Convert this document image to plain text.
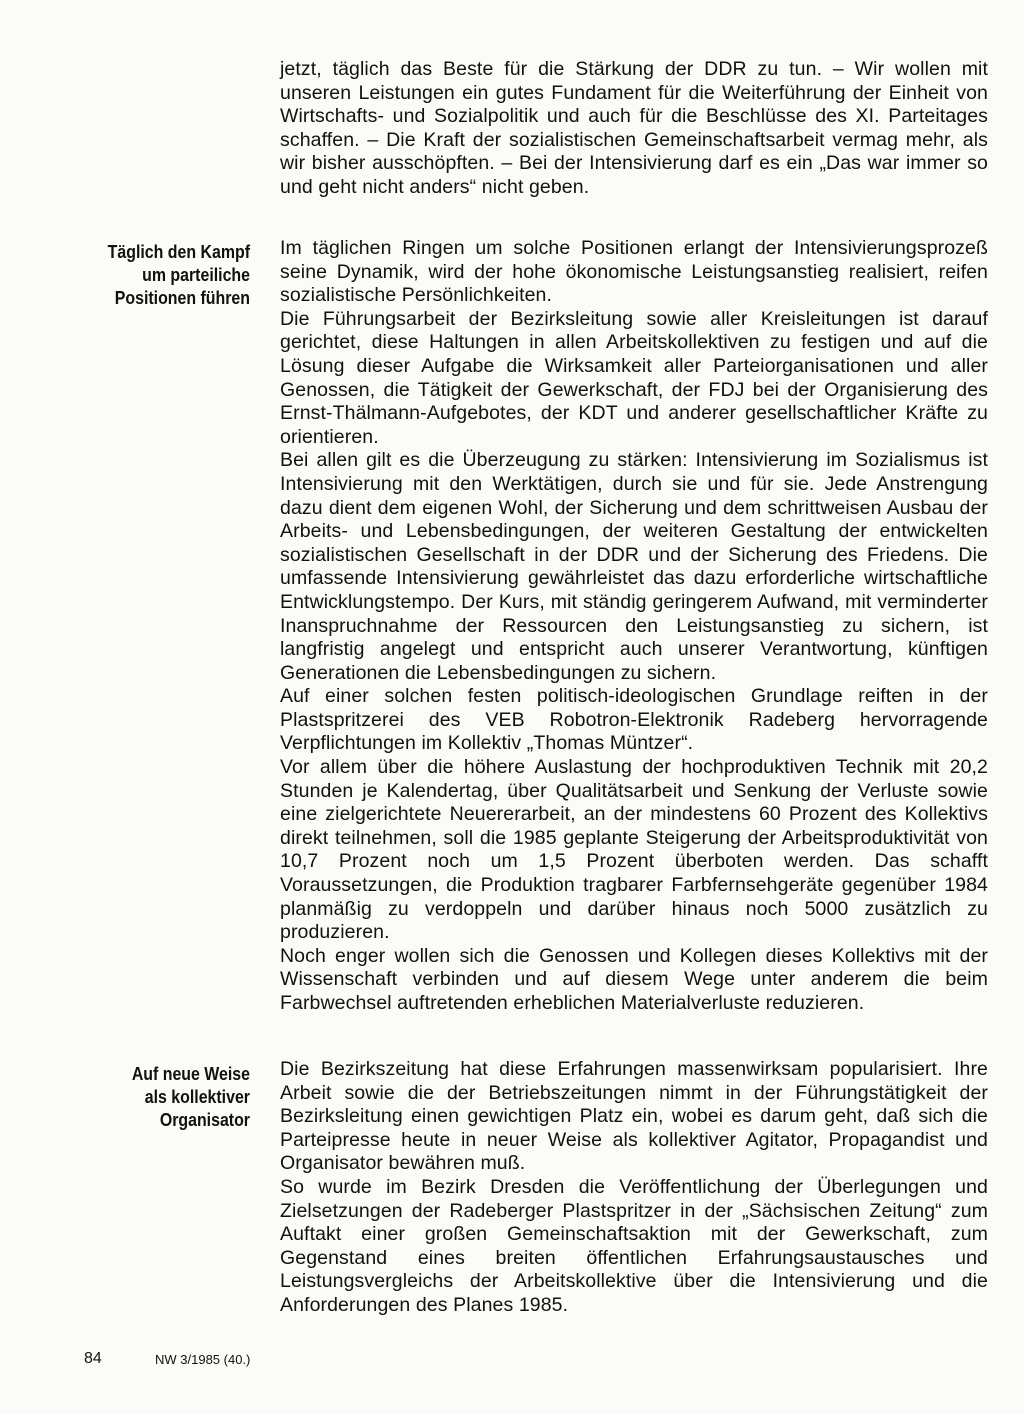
jetzt, täglich das Beste für die Stärkung der DDR zu tun. – Wir wollen mit unseren Leistungen ein gutes Fundament für die Weiterführung der Einheit von Wirtschafts- und Sozialpolitik und auch für die Beschlüsse des XI. Parteitages schaffen. – Die Kraft der sozialistischen Gemeinschaftsarbeit vermag mehr, als wir bisher ausschöpften. – Bei der Intensivierung darf es ein „Das war immer so und geht nicht anders“ nicht geben.

Täglich den Kampf
um parteiliche
Positionen führen

Im täglichen Ringen um solche Positionen erlangt der Intensivierungsprozeß seine Dynamik, wird der hohe ökonomische Leistungsanstieg realisiert, reifen sozialistische Persönlichkeiten.

Die Führungsarbeit der Bezirksleitung sowie aller Kreisleitungen ist darauf gerichtet, diese Haltungen in allen Arbeitskollektiven zu festigen und auf die Lösung dieser Aufgabe die Wirksamkeit aller Parteiorganisationen und aller Genossen, die Tätigkeit der Gewerkschaft, der FDJ bei der Organisierung des Ernst-Thälmann-Aufgebotes, der KDT und anderer gesellschaftlicher Kräfte zu orientieren.

Bei allen gilt es die Überzeugung zu stärken: Intensivierung im Sozialismus ist Intensivierung mit den Werktätigen, durch sie und für sie. Jede Anstrengung dazu dient dem eigenen Wohl, der Sicherung und dem schrittweisen Ausbau der Arbeits- und Lebensbedingungen, der weiteren Gestaltung der entwickelten sozialistischen Gesellschaft in der DDR und der Sicherung des Friedens. Die umfassende Intensivierung gewährleistet das dazu erforderliche wirtschaftliche Entwicklungstempo. Der Kurs, mit ständig geringerem Aufwand, mit verminderter Inanspruchnahme der Ressourcen den Leistungsanstieg zu sichern, ist langfristig angelegt und entspricht auch unserer Verantwortung, künftigen Generationen die Lebensbedingungen zu sichern.

Auf einer solchen festen politisch-ideologischen Grundlage reiften in der Plastspritzerei des VEB Robotron-Elektronik Radeberg hervorragende Verpflichtungen im Kollektiv „Thomas Müntzer“.

Vor allem über die höhere Auslastung der hochproduktiven Technik mit 20,2 Stunden je Kalendertag, über Qualitätsarbeit und Senkung der Verluste sowie eine zielgerichtete Neuererarbeit, an der mindestens 60 Prozent des Kollektivs direkt teilnehmen, soll die 1985 geplante Steigerung der Arbeitsproduktivität von 10,7 Prozent noch um 1,5 Prozent überboten werden. Das schafft Voraussetzungen, die Produktion tragbarer Farbfernsehgeräte gegenüber 1984 planmäßig zu verdoppeln und darüber hinaus noch 5000 zusätzlich zu produzieren.

Noch enger wollen sich die Genossen und Kollegen dieses Kollektivs mit der Wissenschaft verbinden und auf diesem Wege unter anderem die beim Farbwechsel auftretenden erheblichen Materialverluste reduzieren.

Auf neue Weise
als kollektiver
Organisator

Die Bezirkszeitung hat diese Erfahrungen massenwirksam popularisiert. Ihre Arbeit sowie die der Betriebszeitungen nimmt in der Führungstätigkeit der Bezirksleitung einen gewichtigen Platz ein, wobei es darum geht, daß sich die Parteipresse heute in neuer Weise als kollektiver Agitator, Propagandist und Organisator bewähren muß.

So wurde im Bezirk Dresden die Veröffentlichung der Überlegungen und Zielsetzungen der Radeberger Plastspritzer in der „Sächsischen Zeitung“ zum Auftakt einer großen Gemeinschaftsaktion mit der Gewerkschaft, zum Gegenstand eines breiten öffentlichen Erfahrungsaustausches und Leistungsvergleichs der Arbeitskollektive über die Intensivierung und die Anforderungen des Planes 1985.

84	NW 3/1985 (40.)
